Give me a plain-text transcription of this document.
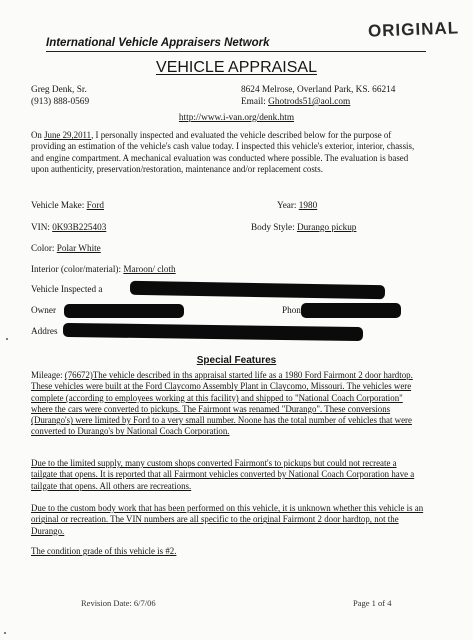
ORIGINAL
International Vehicle Appraisers Network
VEHICLE APPRAISAL
Greg Denk, Sr.
(913) 888-0569
8624 Melrose, Overland Park, KS. 66214
Email: Ghotrods51@aol.com
http://www.i-van.org/denk.htm
On June 29,2011, I personally inspected and evaluated the vehicle described below for the purpose of providing an estimation of the vehicle's cash value today. I inspected this vehicle's exterior, interior, chassis, and engine compartment. A mechanical evaluation was conducted where possible. The evaluation is based upon authenticity, preservation/restoration, maintenance and/or replacement costs.
Vehicle Make: Ford	Year: 1980
VIN: 0K93B225403	Body Style: Durango pickup
Color: Polar White
Interior (color/material): Maroon/ cloth
Vehicle Inspected a
Owner	Phon
Addres
Special Features
Mileage: (76672)The vehicle described in ths appraisal started life as a 1980 Ford Fairmont 2 door hardtop. These vehicles were built at the Ford Claycomo Assembly Plant in Claycomo, Missouri. The vehicles were complete (according to employees working at this facility) and shipped to "National Coach Corporation" where the cars were converted to pickups. The Fairmont was renamed "Durango". These conversions (Durango's) were limited by Ford to a very small number. Noone has the total number of vehicles that were converted to Durango's by National Coach Corporation.
Due to the limited supply, many custom shops converted Fairmont's to pickups but could not recreate a tailgate that opens. It is reported that all Fairmont vehicles converted by National Coach Corporation have a tailgate that opens. All others are recreations.
Due to the custom body work that has been performed on this vehicle, it is unknown whether this vehicle is an original or recreation. The VIN numbers are all specific to the original Fairmont 2 door hardtop, not the Durango.
The condition grade of this vehicle is #2.
Revision Date: 6/7/06	Page 1 of 4
